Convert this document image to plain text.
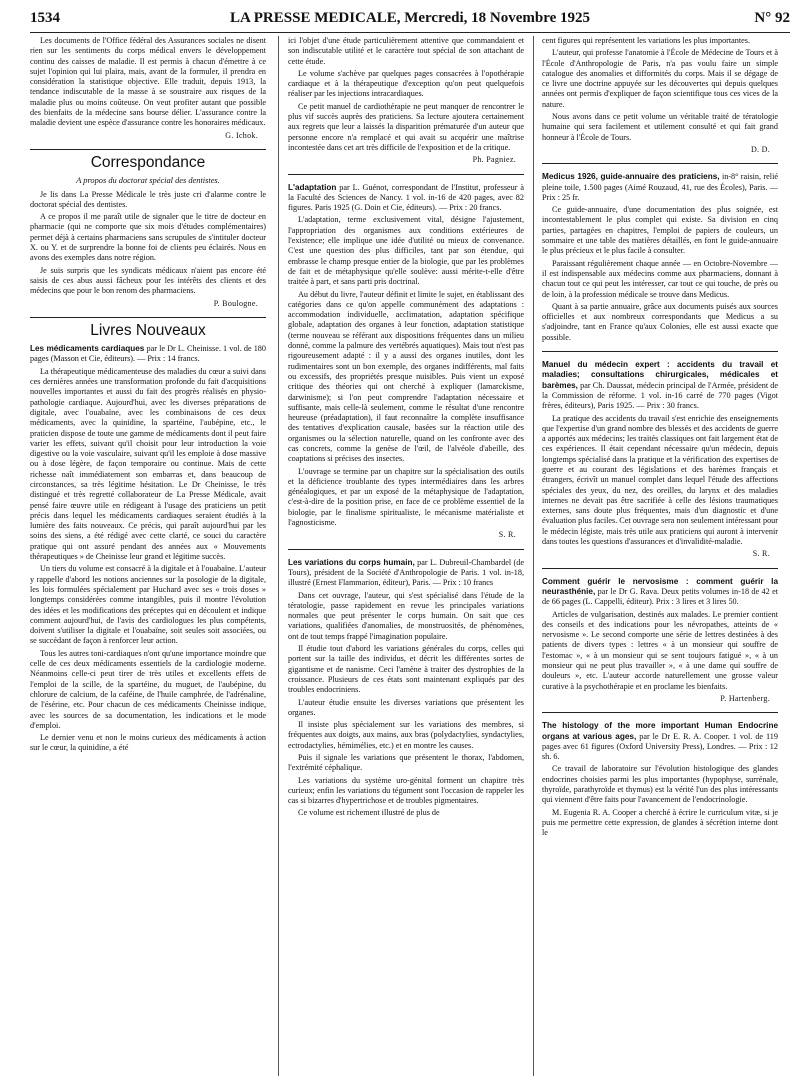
1534	LA PRESSE MEDICALE, Mercredi, 18 Novembre 1925	N° 92

Les documents de l'Office fédéral des Assurances sociales ne disent rien sur les sentiments du corps médical envers le développement continu des caisses de maladie. Il est permis à chacun d'émettre à ce sujet l'opinion qui lui plaira, mais, avant de la formuler, il prendra en considération la statistique objective. Elle traduit, depuis 1913, la tendance indiscutable de la masse à se soustraire aux risques de la maladie plus ou moins coûteuse. On veut profiter autant que possible des bienfaits de la médecine sans bourse délier. L'assurance contre la maladie devient une espèce d'assurance contre les honoraires médicaux.

G. Ichok.
Correspondance
A propos du doctorat spécial des dentistes.

Je lis dans La Presse Médicale le très juste cri d'alarme contre le doctorat spécial des dentistes.

A ce propos il me paraît utile de signaler que le titre de docteur en pharmacie (qui ne comporte que six mois d'études complémentaires) permet déjà à certains pharmaciens sans scrupules de s'intituler docteur X. ou Y. et de surprendre la bonne foi de clients peu éclairés. Nous en avons des exemples dans notre région.

Je suis surpris que les syndicats médicaux n'aient pas encore été saisis de ces abus aussi fâcheux pour les intérêts des clients et des médecins que pour le bon renom des pharmaciens.

P. Boulogne.
Livres Nouveaux

Les médicaments cardiaques par le Dr L. Cheinisse. 1 vol. de 180 pages (Masson et Cie, éditeurs). — Prix : 14 francs.

La thérapeutique médicamenteuse des maladies du cœur a suivi dans ces dernières années une transformation profonde du fait d'acquisitions nouvelles importantes et aussi du fait des progrès réalisés en physio-pathologie cardiaque. Aujourd'hui, avec les diverses préparations de digitale, avec l'ouabaïne, avec les combinaisons de ces deux médicaments, avec la quinidine, la spartéine, l'aubépine, etc., le praticien dispose de toute une gamme de médicaments dont il peut faire varier les effets, suivant qu'il choisit pour leur introduction la voie digestive ou la voie vasculaire, suivant qu'il les emploie à dose massive ou à dose légère, de façon temporaire ou continue. Mais de cette richesse naît immédiatement son embarras et, dans beaucoup de circonstances, sa très légitime hésitation. Le Dr Cheinisse, le très distingué et très regretté collaborateur de La Presse Médicale, avait pensé faire œuvre utile en rédigeant à l'usage des praticiens un petit précis dans lequel les médicaments cardiaques seraient étudiés à la lumière des faits nouveaux. Ce précis, qui paraît aujourd'hui par les soins des siens, a été rédigé avec cette clarté, ce souci du caractère pratique qui ont assuré pendant des années aux « Mouvements thérapeutiques » de Cheinisse leur grand et légitime succès.

Un tiers du volume est consacré à la digitale et à l'ouabaïne. L'auteur y rappelle d'abord les notions anciennes sur la posologie de la digitale, les lois formulées spécialement par Huchard avec ses « trois doses » longtemps considérées comme intangibles, puis il montre l'évolution des idées et les modifications des préceptes qui en découlent et indique comment aujourd'hui, de l'avis des cardiologues les plus compétents, doivent s'utiliser la digitale et l'ouabaïne, soit seules soit associées, ou se succédant de façon à renforcer leur action.

Tous les autres toni-cardiaques n'ont qu'une importance moindre que celle de ces deux médicaments essentiels de la cardiologie moderne. Néanmoins celle-ci peut tirer de très utiles et excellents effets de l'emploi de la scille, de la spartéine, du muguet, de l'aubépine, du chlorure de calcium, de la caféine, de l'huile camphrée, de l'adrénaline, de l'ésérine, etc. Pour chacun de ces médicaments Cheinisse indique, avec les sources de sa documentation, les indications et le mode d'emploi.

Le dernier venu et non le moins curieux des médicaments à action sur le cœur, la quinidine, a été

ici l'objet d'une étude particulièrement attentive que commandaient et son indiscutable utilité et le caractère tout spécial de son attachant de cette étude.

Le volume s'achève par quelques pages consacrées à l'opothérapie cardiaque et à la thérapeutique d'exception qu'on peut quelquefois réaliser par les injections intracardiaques.

Ce petit manuel de cardiothérapie ne peut manquer de rencontrer le plus vif succès auprès des praticiens. Sa lecture ajoutera certainement aux regrets que leur a laissés la disparition prématurée d'un auteur que personne encore n'a remplacé et qui avait su acquérir une maîtrise incontestée dans cet art très difficile de l'exposition et de la critique.

Ph. Pagniez.

L'adaptation par L. Guénot, correspondant de l'Institut, professeur à la Faculté des Sciences de Nancy. 1 vol. in-16 de 420 pages, avec 82 figures. Paris 1925 (G. Doin et Cie, éditeurs). — Prix : 20 francs.

L'adaptation, terme exclusivement vital, désigne l'ajustement, l'appropriation des organismes aux conditions extérieures de l'existence; elle implique une idée d'utilité ou mieux de convenance. C'est une question des plus difficiles, tant par son étendue, qui embrasse le champ presque entier de la biologie, que par les problèmes de fait et de métaphysique qu'elle soulève: aussi mérite-t-elle d'être traitée à part, et sans parti pris doctrinal.

Au début du livre, l'auteur définit et limite le sujet, en établissant des catégories dans ce qu'on appelle communément des adaptations : accommodation individuelle, acclimatation, adaptation spécifique globale, adaptation des organes à leur fonction, adaptation statistique (terme nouveau se référant aux dispositions fréquentes dans un milieu donné, comme la palmure des vertébrés aquatiques). Mais tout n'est pas rigoureusement adapté : il y a aussi des organes inutiles, dont les rudimentaires sont un bon exemple, des organes indifférents, mal faits ou excessifs, des propriétés presque nuisibles. Puis vient un exposé critique des théories qui ont cherché à expliquer (lamarckisme, darwinisme); si l'on peut comprendre l'adaptation nécessaire et suffisante, mais celle-là seulement, comme le résultat d'une rencontre heureuse (préadaptation), il faut reconnaître la complète insuffisance des tentatives d'explication causale, basées sur la réaction utile des organismes ou la sélection naturelle, quand on les confronte avec des cas concrets, comme la genèse de l'œil, de l'alvéole d'abeille, des coaptations si précises des insectes.

L'ouvrage se termine par un chapitre sur la spécialisation des outils et la déficience troublante des types intermédiaires dans les arbres généalogiques, et par un exposé de la métaphysique de l'adaptation, c'est-à-dire de la position prise, en face de ce problème essentiel de la biologie, par le finalisme spiritualiste, le mécanisme matérialiste et l'agnosticisme.

S. R.

Les variations du corps humain, par L. Dubreuil-Chambardel (de Tours), président de la Société d'Anthropologie de Paris. 1 vol. in-18, illustré (Ernest Flammarion, éditeur), Paris. — Prix : 10 francs

Dans cet ouvrage, l'auteur, qui s'est spécialisé dans l'étude de la tératologie, passe rapidement en revue les principales variations normales que peut présenter le corps humain. On sait que ces variations, qualifiées d'anomalies, de monstruosités, de phénomènes, ont de tout temps frappé l'imagination populaire.

Il étudie tout d'abord les variations générales du corps, celles qui portent sur la taille des individus, et décrit les différentes sortes de gigantisme et de nanisme. Ceci l'amène à traiter des dystrophies de la croissance. Plusieurs de ces états sont maintenant expliqués par des troubles endocriniens.

L'auteur étudie ensuite les diverses variations que présentent les organes.

Il insiste plus spécialement sur les variations des membres, si fréquentes aux doigts, aux mains, aux bras (polydactylies, syndactylies, ectrodactylies, hémimélies, etc.) et en montre les causes.

Puis il signale les variations que présentent le thorax, l'abdomen, l'extrémité céphalique.

Les variations du système uro-génital forment un chapitre très curieux; enfin les variations du tégument sont l'occasion de rappeler les cas si bizarres d'hypertrichose et de troubles pigmentaires.

Ce volume est richement illustré de plus de

cent figures qui représentent les variations les plus importantes.

L'auteur, qui professe l'anatomie à l'École de Médecine de Tours et à l'École d'Anthropologie de Paris, n'a pas voulu faire un simple catalogue des anomalies et difformités du corps. Mais il se dégage de ce livre une doctrine appuyée sur les découvertes qui depuis quelques années ont permis d'expliquer de façon scientifique tous ces vices de la nature.

Nous avons dans ce petit volume un véritable traité de tératologie humaine qui sera facilement et utilement consulté et qui fait grand honneur à l'École de Tours.

D. D.

Medicus 1926, guide-annuaire des praticiens, in-8° raisin, relié pleine toile, 1.500 pages (Aimé Rouzaud, 41, rue des Écoles), Paris. — Prix : 25 fr.

Ce guide-annuaire, d'une documentation des plus soignée, est incontestablement le plus complet qui existe. Sa division en cinq parties, partagées en chapitres, l'emploi de papiers de couleurs, un sommaire et une table des matières détaillés, en font le guide-annuaire le plus précieux et le plus facile à consulter.

Paraissant régulièrement chaque année — en Octobre-Novembre — il est indispensable aux médecins comme aux pharmaciens, donnant à chacun tout ce qui peut les intéresser, car tout ce qui touche, de près ou de loin, à la profession médicale se trouve dans Medicus.

Quant à sa partie annuaire, grâce aux documents puisés aux sources officielles et aux nombreux correspondants que Medicus a su s'adjoindre, tant en France qu'aux Colonies, elle est aussi exacte que possible.

Manuel du médecin expert : accidents du travail et maladies; consultations chirurgicales, médicales et barèmes, par Ch. Daussat, médecin principal de l'Armée, président de la Commission de réforme. 1 vol. in-16 carré de 770 pages (Vigot frères, éditeurs), Paris 1925. — Prix : 30 francs.

La pratique des accidents du travail s'est enrichie des enseignements que l'expertise d'un grand nombre des blessés et des accidents de guerre a apportés aux médecins; les traités classiques ont fait largement état de ces expériences. Il était cependant nécessaire qu'un médecin, depuis longtemps spécialisé dans la pratique et la vérification des expertises de guerre et au courant des législations et des barèmes français et étrangers, écrivît un manuel complet dans lequel l'étude des affections spéciales des yeux, du nez, des oreilles, du larynx et des maladies internes ne devait pas être sacrifiée à celle des lésions traumatiques externes, sans doute plus fréquentes, mais d'un diagnostic et d'une évaluation plus faciles. Cet ouvrage sera non seulement intéressant pour le médecin légiste, mais très utile aux praticiens qui auront à intervenir dans toutes les questions d'assurances et d'invalidité-maladie.

S. R.

Comment guérir le nervosisme : comment guérir la neurasthénie, par le Dr G. Rava. Deux petits volumes in-18 de 42 et de 66 pages (L. Cappelli, éditeur). Prix : 3 lires et 3 lires 50.

Articles de vulgarisation, destinés aux malades. Le premier contient des conseils et des indications pour les névropathes, atteints de « nervosisme ». Le second comporte une série de lettres destinées à des patients de divers types : lettres « à un monsieur qui souffre de l'estomac », « à un monsieur qui se sent toujours fatigué », « à un monsieur qui ne peut plus travailler », « à une dame qui souffre de douleurs », etc. L'auteur accorde naturellement une grosse valeur curative à la psychothérapie et en proclame les bienfaits.

P. Hartenberg.

The histology of the more important Human Endocrine organs at various ages, par le Dr E. R. A. Cooper. 1 vol. de 119 pages avec 61 figures (Oxford University Press), Londres. — Prix : 12 sh. 6.

Ce travail de laboratoire sur l'évolution histologique des glandes endocrines choisies parmi les plus importantes (hypophyse, surrénale, thyroïde, parathyroïde et thymus) est la vérité l'un des plus intéressants qui viennent d'être faits pour l'avancement de l'endocrinologie.

M. Eugenia R. A. Cooper a cherché à écrire le curriculum vitæ, si je puis me permettre cette expression, de glandes à sécrétion interne dont le
